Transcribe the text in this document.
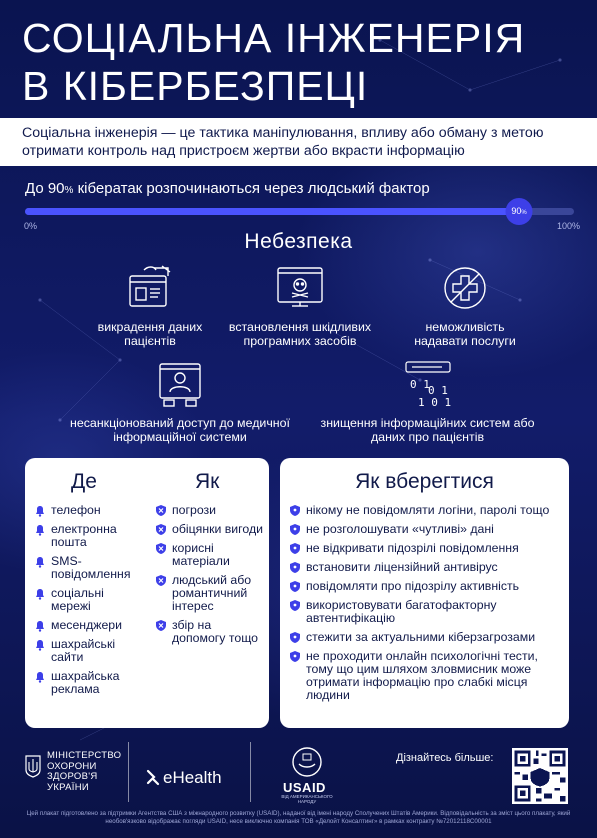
СОЦІАЛЬНА ІНЖЕНЕРІЯ
В КІБЕРБЕЗПЕЦІ
Соціальна інженерія — це тактика маніпулювання, впливу або обману з метою отримати контроль над пристроєм жертви або вкрасти інформацію
До 90% кібератак розпочинаються через людський фактор
90%
0%	100%
Небезпека
викрадення даних пацієнтів
встановлення шкідливих програмних засобів
неможливість надавати послуги
несанкціонований доступ до медичної інформаційної системи
0 1
0 1
1 0 1
знищення інформаційних систем або даних про пацієнтів
Де	Як
телефон
електронна пошта
SMS-повідомлення
соціальні мережі
месенджери
шахрайські сайти
шахрайська реклама
погрози
обіцянки вигоди
корисні матеріали
людський або романтичний інтерес
збір на допомогу тощо
Як вберегтися
нікому не повідомляти логіни, паролі тощо
не розголошувати «чутливі» дані
не відкривати підозрілі повідомлення
встановити ліцензійний антивірус
повідомляти про підозрілу активність
використовувати багатофакторну автентифікацію
стежити за актуальними кіберзагрозами
не проходити онлайн психологічні тести, тому що цим шляхом зловмисник може отримати інформацію про слабкі місця людини
МІНІСТЕРСТВО
ОХОРОНИ
ЗДОРОВ'Я
УКРАЇНИ	eHealth
USAID
ВІД АМЕРИКАНСЬКОГО НАРОДУ
Дізнайтесь більше:
Цей плакат підготовлено за підтримки Агентства США з міжнародного розвитку (USAID), наданої від імені народу Сполучених Штатів Америки. Відповідальність за зміст цього плакату, який необов'язково відображає погляди USAID, несе виключно компанія ТОВ «Делойт Консалтинг» в рамках контракту №72012118C00001
